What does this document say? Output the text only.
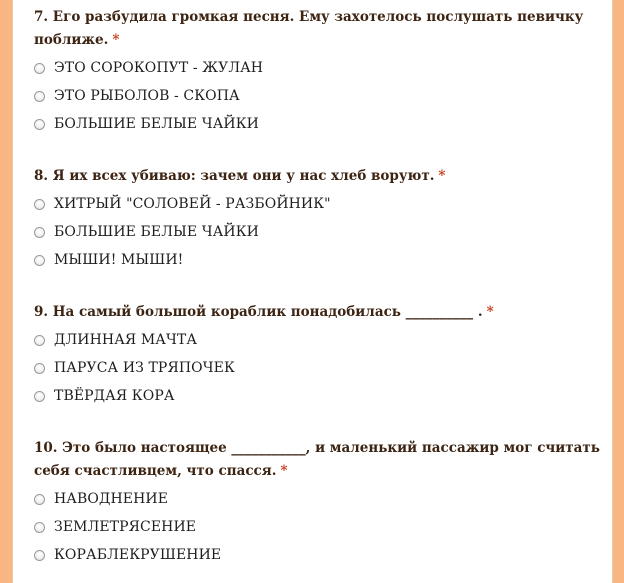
7. Его разбудила громкая песня. Ему захотелось послушать певичку поближе. *
ЭТО СОРОКОПУТ - ЖУЛАН
ЭТО РЫБОЛОВ - СКОПА
БОЛЬШИЕ БЕЛЫЕ ЧАЙКИ
8. Я их всех убиваю: зачем они у нас хлеб воруют. *
ХИТРЫЙ "СОЛОВЕЙ - РАЗБОЙНИК"
БОЛЬШИЕ БЕЛЫЕ ЧАЙКИ
МЫШИ! МЫШИ!
9. На самый большой кораблик понадобилась __________ . *
ДЛИННАЯ МАЧТА
ПАРУСА ИЗ ТРЯПОЧЕК
ТВЁРДАЯ КОРА
10. Это было настоящее ___________, и маленький пассажир мог считать себя счастливцем, что спасся. *
НАВОДНЕНИЕ
ЗЕМЛЕТРЯСЕНИЕ
КОРАБЛЕКРУШЕНИЕ
